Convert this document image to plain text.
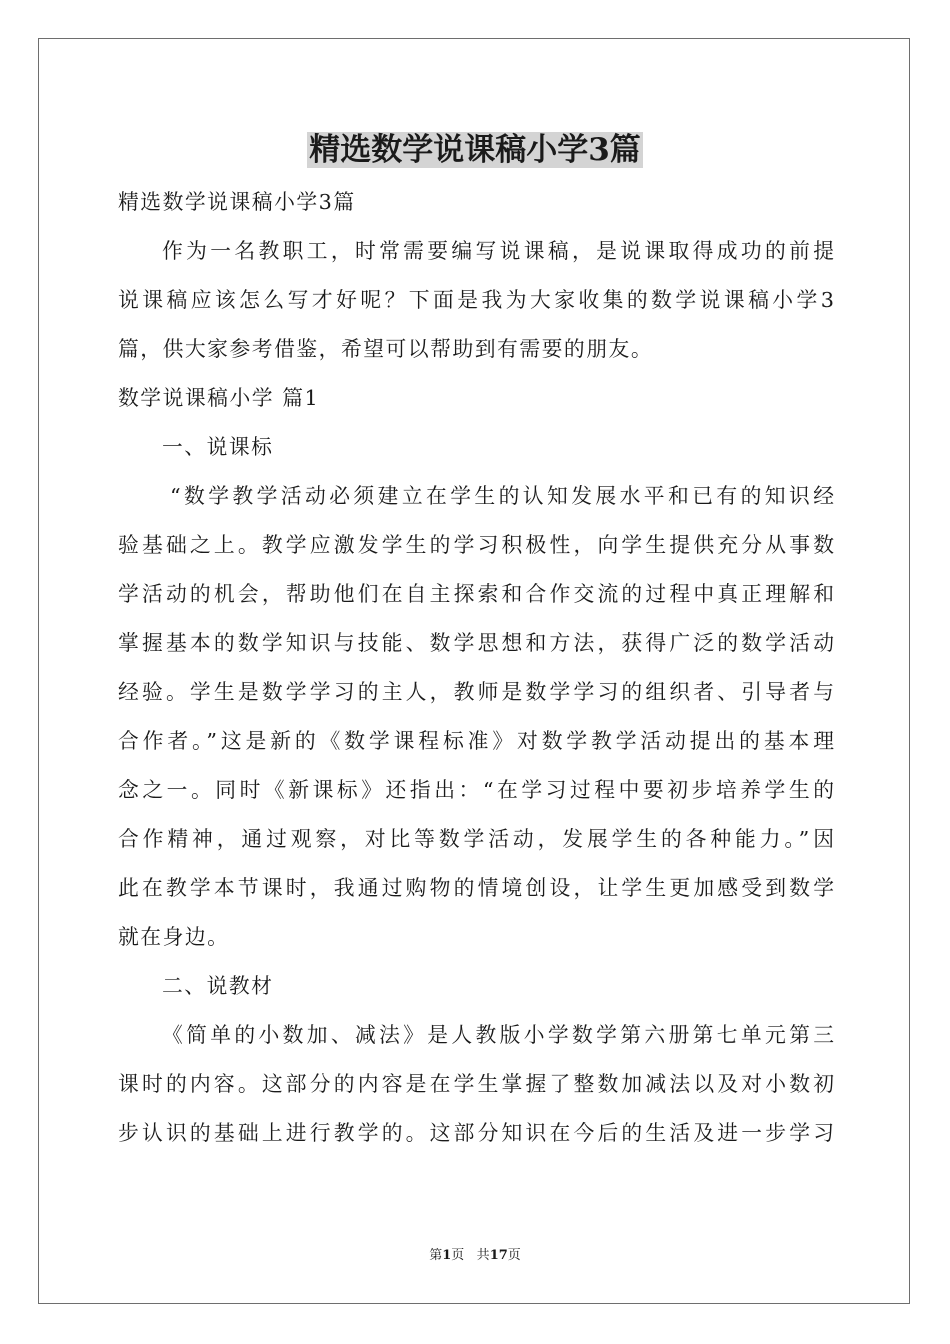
精选数学说课稿小学3篇
精选数学说课稿小学3篇
作为一名教职工，时常需要编写说课稿，是说课取得成功的前提
说课稿应该怎么写才好呢？下面是我为大家收集的数学说课稿小学3
篇，供大家参考借鉴，希望可以帮助到有需要的朋友。
数学说课稿小学 篇1
一、说课标
“数学教学活动必须建立在学生的认知发展水平和已有的知识经
验基础之上。教学应激发学生的学习积极性，向学生提供充分从事数
学活动的机会，帮助他们在自主探索和合作交流的过程中真正理解和
掌握基本的数学知识与技能、数学思想和方法，获得广泛的数学活动
经验。学生是数学学习的主人，教师是数学学习的组织者、引导者与
合作者。”这是新的《数学课程标准》对数学教学活动提出的基本理
念之一。同时《新课标》还指出：“在学习过程中要初步培养学生的
合作精神，通过观察，对比等数学活动，发展学生的各种能力。”因
此在教学本节课时，我通过购物的情境创设，让学生更加感受到数学
就在身边。
二、说教材
《简单的小数加、减法》是人教版小学数学第六册第七单元第三
课时的内容。这部分的内容是在学生掌握了整数加减法以及对小数初
步认识的基础上进行教学的。这部分知识在今后的生活及进一步学习
第1页 共17页
